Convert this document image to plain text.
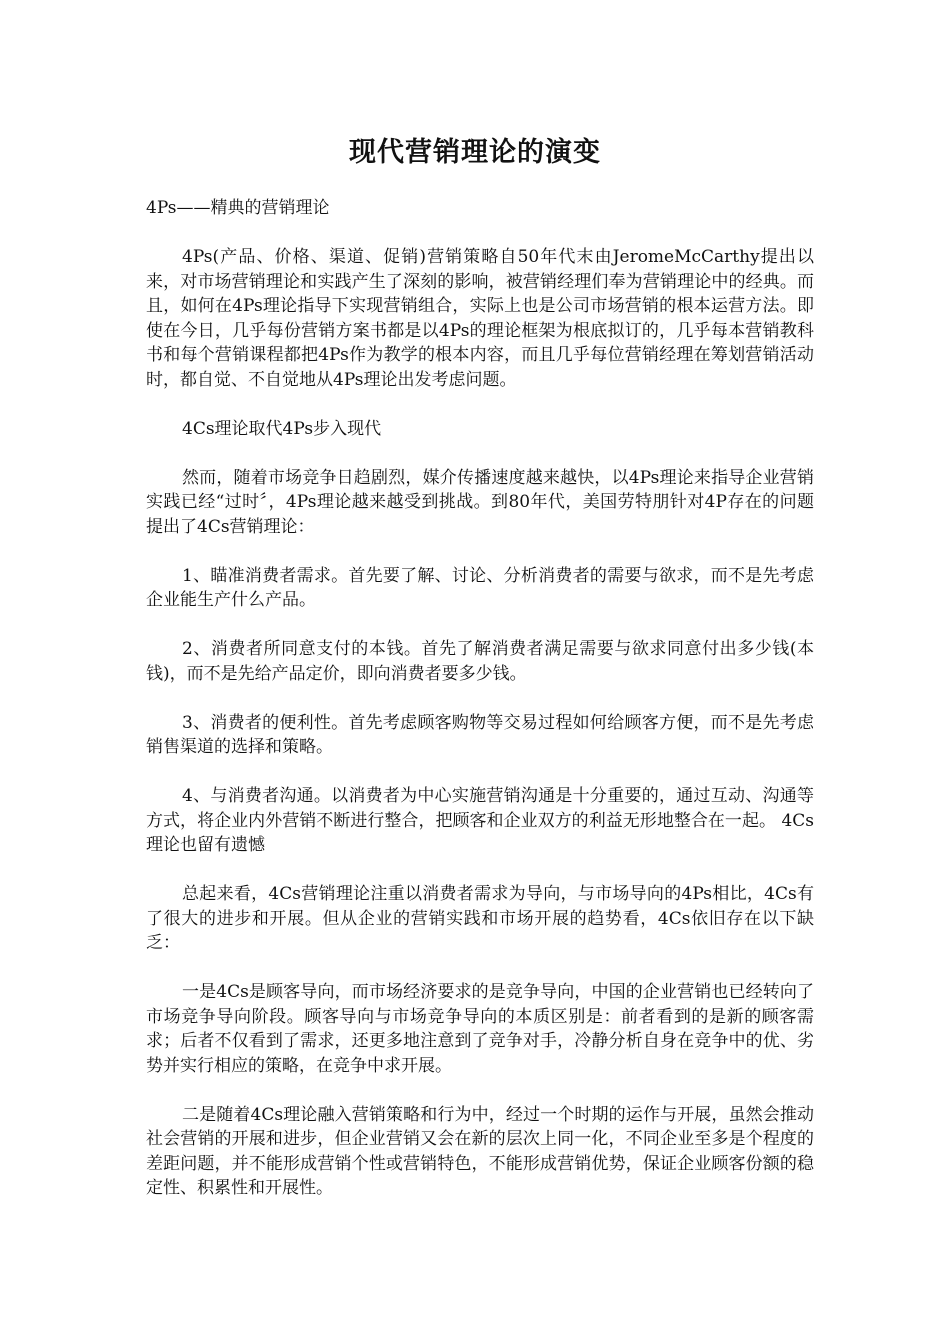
现代营销理论的演变

4Ps——精典的营销理论

4Ps(产品、价格、渠道、促销)营销策略自50年代末由JeromeMcCarthy提出以来，对市场营销理论和实践产生了深刻的影响，被营销经理们奉为营销理论中的经典。而且，如何在4Ps理论指导下实现营销组合，实际上也是公司市场营销的根本运营方法。即使在今日，几乎每份营销方案书都是以4Ps的理论框架为根底拟订的，几乎每本营销教科书和每个营销课程都把4Ps作为教学的根本内容，而且几乎每位营销经理在筹划营销活动时，都自觉、不自觉地从4Ps理论出发考虑问题。

4Cs理论取代4Ps步入现代

然而，随着市场竞争日趋剧烈，媒介传播速度越来越快，以4Ps理论来指导企业营销实践已经“过时〞，4Ps理论越来越受到挑战。到80年代，美国劳特朋针对4P存在的问题提出了4Cs营销理论：

1、瞄准消费者需求。首先要了解、讨论、分析消费者的需要与欲求，而不是先考虑企业能生产什么产品。

2、消费者所同意支付的本钱。首先了解消费者满足需要与欲求同意付出多少钱(本钱)，而不是先给产品定价，即向消费者要多少钱。

3、消费者的便利性。首先考虑顾客购物等交易过程如何给顾客方便，而不是先考虑销售渠道的选择和策略。

4、与消费者沟通。以消费者为中心实施营销沟通是十分重要的，通过互动、沟通等方式，将企业内外营销不断进行整合，把顾客和企业双方的利益无形地整合在一起。 4Cs理论也留有遗憾

总起来看，4Cs营销理论注重以消费者需求为导向，与市场导向的4Ps相比，4Cs有了很大的进步和开展。但从企业的营销实践和市场开展的趋势看，4Cs依旧存在以下缺乏：

一是4Cs是顾客导向，而市场经济要求的是竞争导向，中国的企业营销也已经转向了市场竞争导向阶段。顾客导向与市场竞争导向的本质区别是：前者看到的是新的顾客需求；后者不仅看到了需求，还更多地注意到了竞争对手，冷静分析自身在竞争中的优、劣势并实行相应的策略，在竞争中求开展。

二是随着4Cs理论融入营销策略和行为中，经过一个时期的运作与开展，虽然会推动社会营销的开展和进步，但企业营销又会在新的层次上同一化，不同企业至多是个程度的差距问题，并不能形成营销个性或营销特色，不能形成营销优势，保证企业顾客份额的稳定性、积累性和开展性。
